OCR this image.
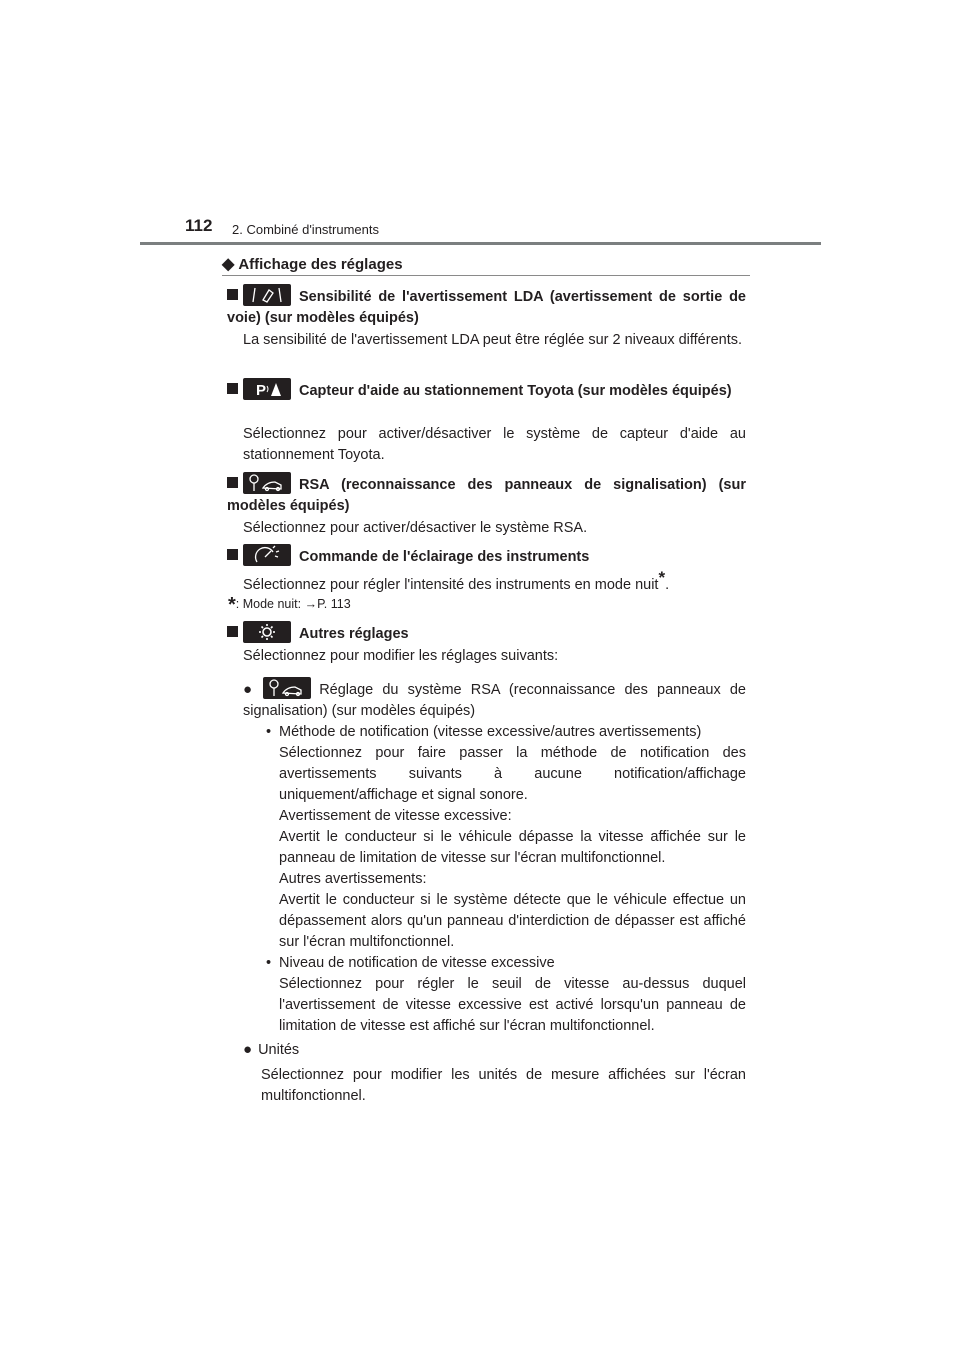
112 2. Combiné d'instruments
◆ Affichage des réglages
Sensibilité de l'avertissement LDA (avertissement de sortie de voie) (sur modèles équipés)
La sensibilité de l'avertissement LDA peut être réglée sur 2 niveaux différents.
P Capteur d'aide au stationnement Toyota (sur modèles équipés)
Sélectionnez pour activer/désactiver le système de capteur d'aide au stationnement Toyota.
RSA (reconnaissance des panneaux de signalisation) (sur modèles équipés)
Sélectionnez pour activer/désactiver le système RSA.
Commande de l'éclairage des instruments
Sélectionnez pour régler l'intensité des instruments en mode nuit*.
*: Mode nuit: →P. 113
Autres réglages
Sélectionnez pour modifier les réglages suivants:
●	Réglage du système RSA (reconnaissance des panneaux de signalisation) (sur modèles équipés)
• Méthode de notification (vitesse excessive/autres avertissements)
Sélectionnez pour faire passer la méthode de notification des avertissements suivants à aucune notification/affichage uniquement/affichage et signal sonore.
Avertissement de vitesse excessive:
Avertit le conducteur si le véhicule dépasse la vitesse affichée sur le panneau de limitation de vitesse sur l'écran multifonctionnel.
Autres avertissements:
Avertit le conducteur si le système détecte que le véhicule effectue un dépassement alors qu'un panneau d'interdiction de dépasser est affiché sur l'écran multifonctionnel.
• Niveau de notification de vitesse excessive
Sélectionnez pour régler le seuil de vitesse au-dessus duquel l'avertissement de vitesse excessive est activé lorsqu'un panneau de limitation de vitesse est affiché sur l'écran multifonctionnel.
● Unités
Sélectionnez pour modifier les unités de mesure affichées sur l'écran multifonctionnel.
